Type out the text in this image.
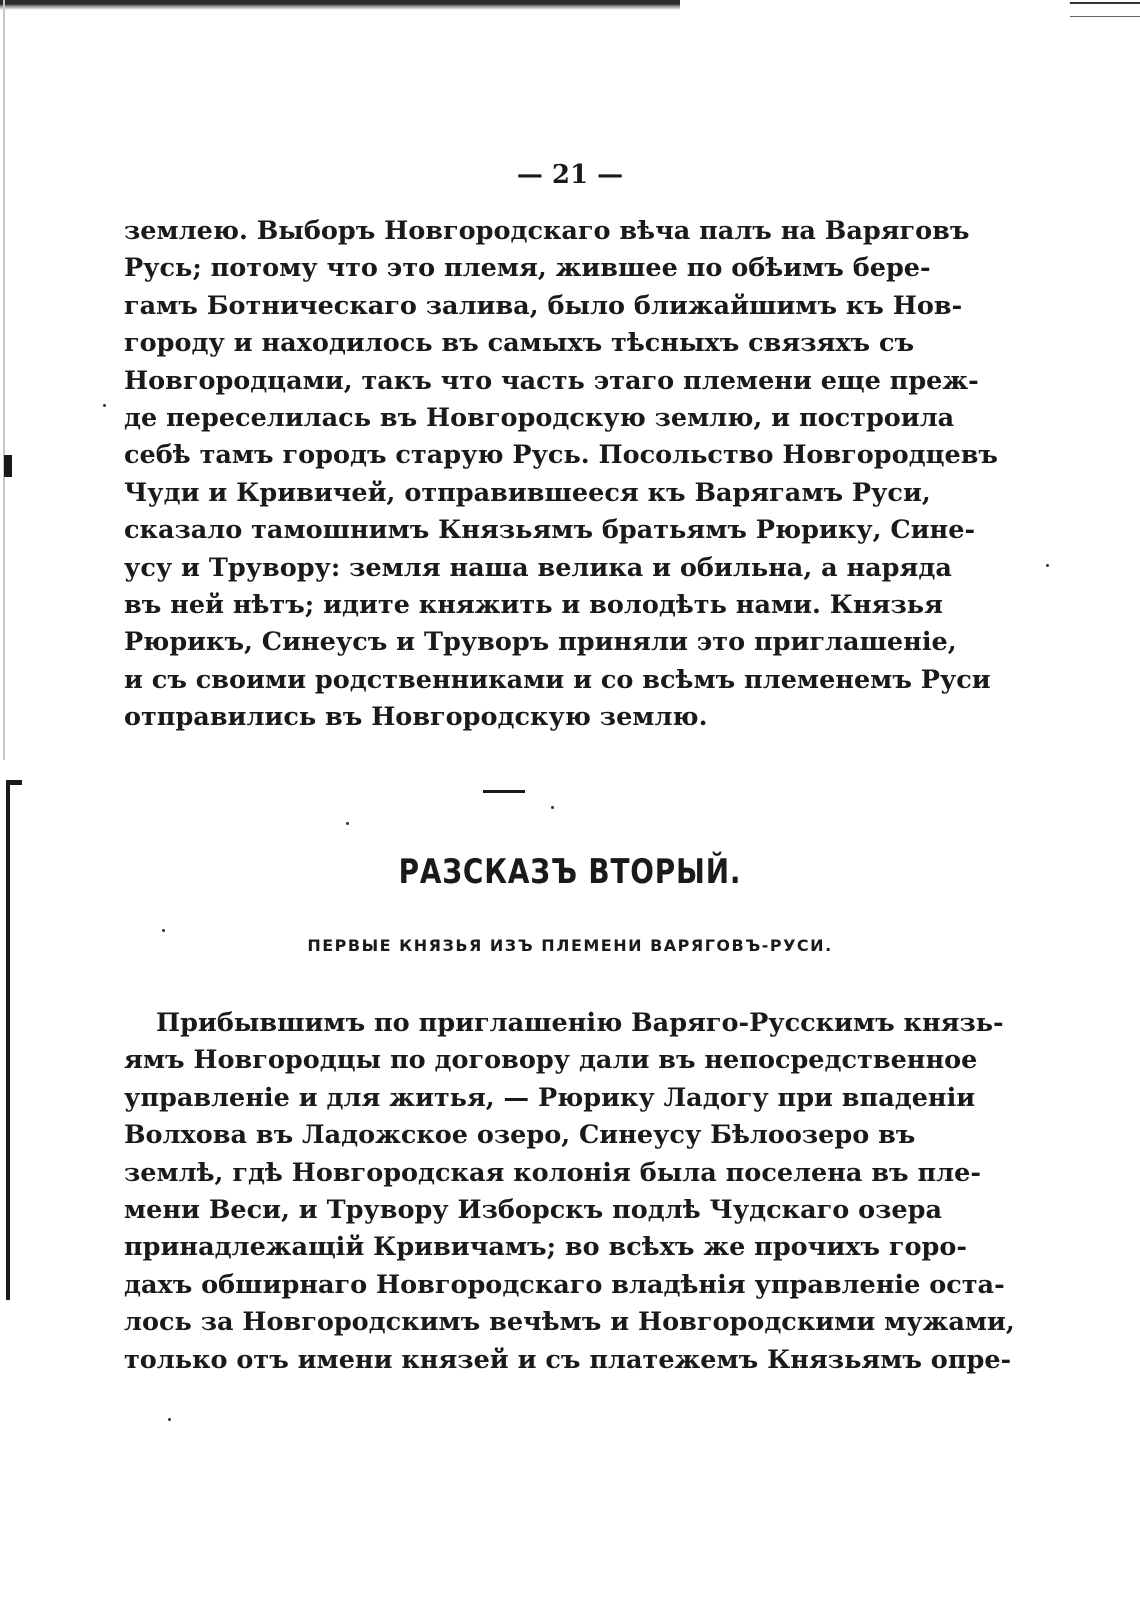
— 21 —
землею. Выборъ Новгородскаго вѣча палъ на Варяговъ
Русь; потому что это племя, жившее по обѣимъ бере-
гамъ Ботническаго залива, было ближайшимъ къ Нов-
городу и находилось въ самыхъ тѣсныхъ связяхъ съ
Новгородцами, такъ что часть этаго племени еще преж-
де переселилась въ Новгородскую землю, и построила
себѣ тамъ городъ старую Русь. Посольство Новгородцевъ
Чуди и Кривичей, отправившееся къ Варягамъ Руси,
сказало тамошнимъ Князьямъ братьямъ Рюрику, Сине-
усу и Трувору: земля наша велика и обильна, а наряда
въ ней нѣтъ; идите княжить и володѣть нами. Князья
Рюрикъ, Синеусъ и Труворъ приняли это приглашеніе,
и съ своими родственниками и со всѣмъ племенемъ Руси
отправились въ Новгородскую землю.
РАЗСКАЗЪ ВТОРЫЙ.
ПЕРВЫЕ КНЯЗЬЯ ИЗЪ ПЛЕМЕНИ ВАРЯГОВЪ-РУСИ.
Прибывшимъ по приглашенію Варяго-Русскимъ князь-
ямъ Новгородцы по договору дали въ непосредственное
управленіе и для житья, — Рюрику Ладогу при впаденіи
Волхова въ Ладожское озеро, Синеусу Бѣлоозеро въ
землѣ, гдѣ Новгородская колонія была поселена въ пле-
мени Веси, и Трувору Изборскъ подлѣ Чудскаго озера
принадлежащій Кривичамъ; во всѣхъ же прочихъ горо-
дахъ обширнаго Новгородскаго владѣнія управленіе оста-
лось за Новгородскимъ вечѣмъ и Новгородскими мужами,
только отъ имени князей и съ платежемъ Князьямъ опре-
